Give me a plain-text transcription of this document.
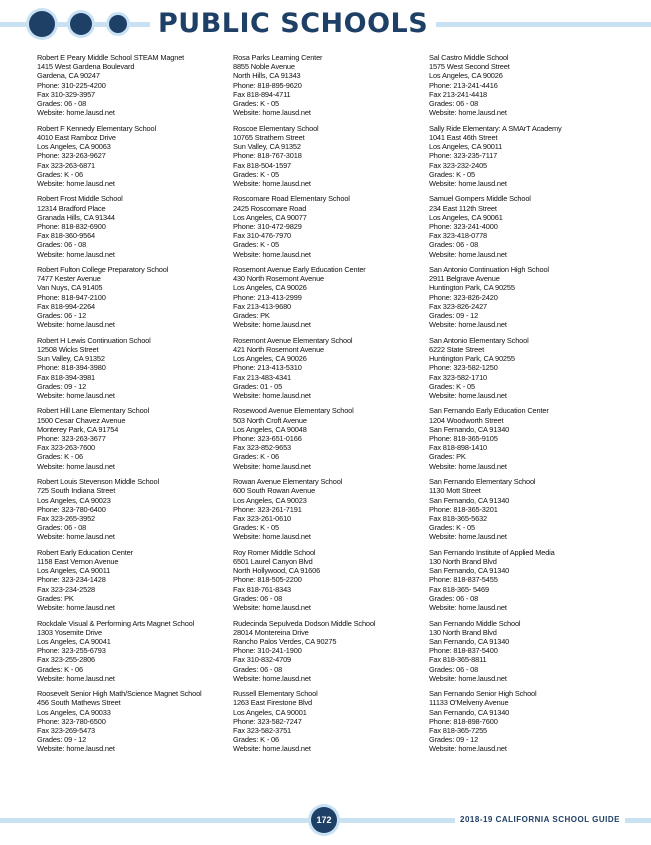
PUBLIC SCHOOLS
Robert E Peary Middle School STEAM Magnet
1415 West Gardena Boulevard
Gardena, CA 90247
Phone: 310-225-4200
Fax 310-329-3957
Grades: 06 - 08
Website: home.lausd.net
Robert F Kennedy Elementary School
4010 East Ramboz Drive
Los Angeles, CA 90063
Phone: 323-263-9627
Fax 323-263-6871
Grades: K - 06
Website: home.lausd.net
Robert Frost Middle School
12314 Bradford Place
Granada Hills, CA 91344
Phone: 818-832-6900
Fax 818-360-9564
Grades: 06 - 08
Website: home.lausd.net
Robert Fulton College Preparatory School
7477 Kester Avenue
Van Nuys, CA 91405
Phone: 818-947-2100
Fax 818-994-2264
Grades: 06 - 12
Website: home.lausd.net
Robert H Lewis Continuation School
12508 Wicks Street
Sun Valley, CA 91352
Phone: 818-394-3980
Fax 818-394-3981
Grades: 09 - 12
Website: home.lausd.net
Robert Hill Lane Elementary School
1500 Cesar Chavez Avenue
Monterey Park, CA 91754
Phone: 323-263-3677
Fax 323-263-7600
Grades: K - 06
Website: home.lausd.net
Robert Louis Stevenson Middle School
725 South Indiana Street
Los Angeles, CA 90023
Phone: 323-780-6400
Fax 323-265-3952
Grades: 06 - 08
Website: home.lausd.net
Robert Early Education Center
1158 East Vernon Avenue
Los Angeles, CA 90011
Phone: 323-234-1428
Fax 323-234-2528
Grades: PK
Website: home.lausd.net
Rockdale Visual & Performing Arts Magnet School
1303 Yosemite Drive
Los Angeles, CA 90041
Phone: 323-255-6793
Fax 323-255-2806
Grades: K - 06
Website: home.lausd.net
Roosevelt Senior High Math/Science Magnet School
456 South Mathews Street
Los Angeles, CA 90033
Phone: 323-780-6500
Fax 323-269-5473
Grades: 09 - 12
Website: home.lausd.net
Rosa Parks Learning Center
8855 Noble Avenue
North Hills, CA 91343
Phone: 818-895-9620
Fax 818-894-4711
Grades: K - 05
Website: home.lausd.net
Roscoe Elementary School
10765 Strathern Street
Sun Valley, CA 91352
Phone: 818-767-3018
Fax 818-504-1597
Grades: K - 05
Website: home.lausd.net
Roscomare Road Elementary School
2425 Roscomare Road
Los Angeles, CA 90077
Phone: 310-472-9829
Fax 310-476-7970
Grades: K - 05
Website: home.lausd.net
Rosemont Avenue Early Education Center
430 North Rosemont Avenue
Los Angeles, CA 90026
Phone: 213-413-2999
Fax 213-413-9680
Grades: PK
Website: home.lausd.net
Rosemont Avenue Elementary School
421 North Rosemont Avenue
Los Angeles, CA 90026
Phone: 213-413-5310
Fax 213-483-4341
Grades: 01 - 05
Website: home.lausd.net
Rosewood Avenue Elementary School
503 North Croft Avenue
Los Angeles, CA 90048
Phone: 323-651-0166
Fax 323-852-9653
Grades: K - 06
Website: home.lausd.net
Rowan Avenue Elementary School
600 South Rowan Avenue
Los Angeles, CA 90023
Phone: 323-261-7191
Fax 323-261-0610
Grades: K - 05
Website: home.lausd.net
Roy Romer Middle School
6501 Laurel Canyon Blvd
North Hollywood, CA 91606
Phone: 818-505-2200
Fax 818-761-8343
Grades: 06 - 08
Website: home.lausd.net
Rudecinda Sepulveda Dodson Middle School
28014 Montereina Drive
Rancho Palos Verdes, CA 90275
Phone: 310-241-1900
Fax 310-832-4709
Grades: 06 - 08
Website: home.lausd.net
Russell Elementary School
1263 East Firestone Blvd
Los Angeles, CA 90001
Phone: 323-582-7247
Fax 323-582-3751
Grades: K - 06
Website: home.lausd.net
Sal Castro Middle School
1575 West Second Street
Los Angeles, CA 90026
Phone: 213-241-4416
Fax 213-241-4418
Grades: 06 - 08
Website: home.lausd.net
Sally Ride Elementary: A SMArT Academy
1041 East 46th Street
Los Angeles, CA 90011
Phone: 323-235-7117
Fax 323-232-2405
Grades: K - 05
Website: home.lausd.net
Samuel Gompers Middle School
234 East 112th Street
Los Angeles, CA 90061
Phone: 323-241-4000
Fax 323-418-0778
Grades: 06 - 08
Website: home.lausd.net
San Antonio Continuation High School
2911 Belgrave Avenue
Huntington Park, CA 90255
Phone: 323-826-2420
Fax 323-826-2427
Grades: 09 - 12
Website: home.lausd.net
San Antonio Elementary School
6222 State Street
Huntington Park, CA 90255
Phone: 323-582-1250
Fax 323-582-1710
Grades: K - 05
Website: home.lausd.net
San Fernando Early Education Center
1204 Woodworth Street
San Fernando, CA 91340
Phone: 818-365-9105
Fax 818-898-1410
Grades: PK
Website: home.lausd.net
San Fernando Elementary School
1130 Mott Street
San Fernando, CA 91340
Phone: 818-365-3201
Fax 818-365-5632
Grades: K - 05
Website: home.lausd.net
San Fernando Institute of Applied Media
130 North Brand Blvd
San Fernando, CA 91340
Phone: 818-837-5455
Fax 818-365- 5469
Grades: 06 - 08
Website: home.lausd.net
San Fernando Middle School
130 North Brand Blvd
San Fernando, CA 91340
Phone: 818-837-5400
Fax 818-365-8811
Grades: 06 - 08
Website: home.lausd.net
San Fernando Senior High School
11133 O'Melveny Avenue
San Fernando, CA 91340
Phone: 818-898-7600
Fax 818-365-7255
Grades: 09 - 12
Website: home.lausd.net
172	2018-19 CALIFORNIA SCHOOL GUIDE
